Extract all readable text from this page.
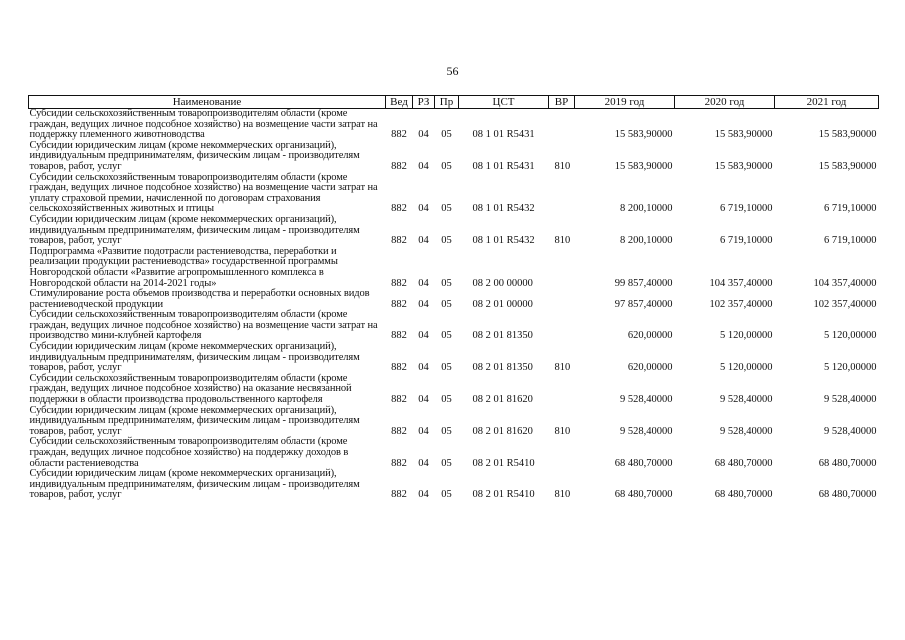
56
Наименование	Вед	РЗ	Пр	ЦСТ	ВР	2019 год	2020 год	2021 год
Субсидии сельскохозяйственным товаропроизводителям области (кроме граждан, ведущих личное подсобное хозяйство) на возмещение части затрат на поддержку племенного животноводства	882	04	05	08 1 01 R5431		15 583,90000	15 583,90000	15 583,90000
Субсидии юридическим лицам (кроме некоммерческих организаций), индивидуальным предпринимателям, физическим лицам - производителям товаров, работ, услуг	882	04	05	08 1 01 R5431	810	15 583,90000	15 583,90000	15 583,90000
Субсидии сельскохозяйственным товаропроизводителям области (кроме граждан, ведущих личное подсобное хозяйство) на возмещение части затрат на уплату страховой премии, начисленной по договорам страхования сельскохозяйственных животных и птицы	882	04	05	08 1 01 R5432		8 200,10000	6 719,10000	6 719,10000
Субсидии юридическим лицам (кроме некоммерческих организаций), индивидуальным предпринимателям, физическим лицам - производителям товаров, работ, услуг	882	04	05	08 1 01 R5432	810	8 200,10000	6 719,10000	6 719,10000
Подпрограмма «Развитие подотрасли растениеводства, переработки и реализации продукции растениеводства» государственной программы Новгородской области «Развитие агропромышленного комплекса в Новгородской области на 2014-2021 годы»	882	04	05	08 2 00 00000		99 857,40000	104 357,40000	104 357,40000
Стимулирование роста объемов производства и переработки основных видов растениеводческой продукции	882	04	05	08 2 01 00000		97 857,40000	102 357,40000	102 357,40000
Субсидии сельскохозяйственным товаропроизводителям области (кроме граждан, ведущих личное подсобное хозяйство) на возмещение части затрат на производство мини-клубней картофеля	882	04	05	08 2 01 81350		620,00000	5 120,00000	5 120,00000
Субсидии юридическим лицам (кроме некоммерческих организаций), индивидуальным предпринимателям, физическим лицам - производителям товаров, работ, услуг	882	04	05	08 2 01 81350	810	620,00000	5 120,00000	5 120,00000
Субсидии сельскохозяйственным товаропроизводителям области (кроме граждан, ведущих личное подсобное хозяйство) на оказание несвязанной поддержки в области производства продовольственного картофеля	882	04	05	08 2 01 81620		9 528,40000	9 528,40000	9 528,40000
Субсидии юридическим лицам (кроме некоммерческих организаций), индивидуальным предпринимателям, физическим лицам - производителям товаров, работ, услуг	882	04	05	08 2 01 81620	810	9 528,40000	9 528,40000	9 528,40000
Субсидии сельскохозяйственным товаропроизводителям области (кроме граждан, ведущих личное подсобное хозяйство) на поддержку доходов в области растениеводства	882	04	05	08 2 01 R5410		68 480,70000	68 480,70000	68 480,70000
Субсидии юридическим лицам (кроме некоммерческих организаций), индивидуальным предпринимателям, физическим лицам - производителям товаров, работ, услуг	882	04	05	08 2 01 R5410	810	68 480,70000	68 480,70000	68 480,70000
